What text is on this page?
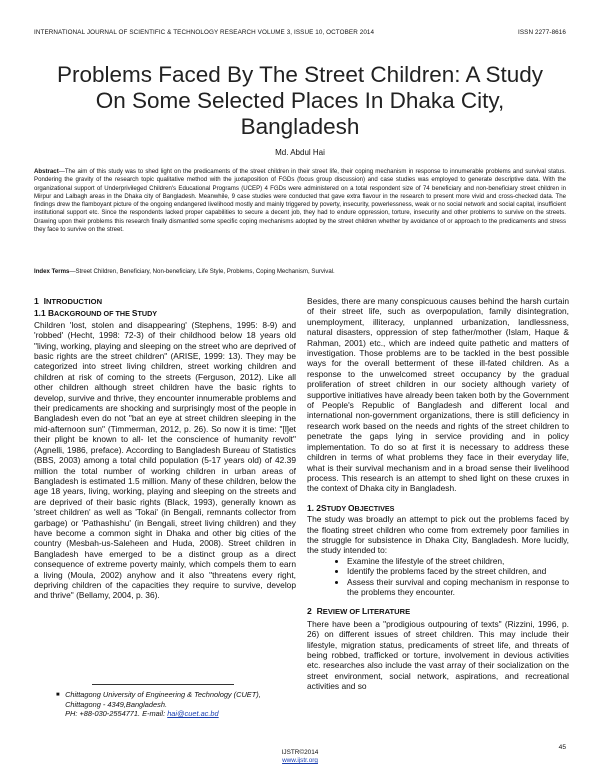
INTERNATIONAL JOURNAL OF SCIENTIFIC & TECHNOLOGY RESEARCH VOLUME 3, ISSUE 10, OCTOBER 2014	ISSN 2277-8616
Problems Faced By The Street Children: A Study On Some Selected Places In Dhaka City, Bangladesh
Md. Abdul Hai

Abstract—The aim of this study was to shed light on the predicaments of the street children in their street life, their coping mechanism in response to innumerable problems and survival status. Pondering the gravity of the research topic qualitative method with the juxtaposition of FGDs (focus group discussion) and case studies was employed to generate descriptive data. With the organizational support of Underprivileged Children's Educational Programs (UCEP) 4 FGDs were administered on a total respondent size of 74 beneficiary and non-beneficiary street children in Mirpur and Lalbagh areas in the Dhaka city of Bangladesh. Meanwhile, 9 case studies were conducted that gave extra flavour in the research to present more vivid and cross-checked data. The findings drew the flamboyant picture of the ongoing endangered livelihood mostly and mainly triggered by poverty, insecurity, powerlessness, weak or no social network and social capital, insufficient institutional support etc. Since the respondents lacked proper capabilities to secure a decent job, they had to endure oppression, torture, insecurity and other problems to survive on the streets. Drawing upon their problems this research finally dismantled some specific coping mechanisms adopted by the street children whether by avoidance of or approach to the predicaments and stress they face to survive on the street.

Index Terms—Street Children, Beneficiary, Non-beneficiary, Life Style, Problems, Coping Mechanism, Survival.

1 INTRODUCTION
1.1 BACKGROUND OF THE STUDY

Children 'lost, stolen and disappearing' (Stephens, 1995: 8-9) and 'robbed' (Hecht, 1998: 72-3) of their childhood below 18 years old "living, working, playing and sleeping on the street who are deprived of basic rights are the street children" (ARISE, 1999: 13). They may be categorized into street living children, street working children and children at risk of coming to the streets (Ferguson, 2012). Like all other children although street children have the basic rights to develop, survive and thrive, they encounter innumerable problems and their predicaments are shocking and surprisingly most of the people in Bangladesh even do not "bat an eye at street children sleeping in the mid-afternoon sun" (Timmerman, 2012, p. 26). So now it is time: "[l]et their plight be known to all- let the conscience of humanity revolt" (Agnelli, 1986, preface). According to Bangladesh Bureau of Statistics (BBS, 2003) among a total child population (5-17 years old) of 42.39 million the total number of working children in urban areas of Bangladesh is estimated 1.5 million. Many of these children, below the age 18 years, living, working, playing and sleeping on the streets and are deprived of their basic rights (Black, 1993), generally known as 'street children' as well as 'Tokai' (in Bengali, remnants collector from garbage) or 'Pathashishu' (in Bengali, street living children) and they have become a common sight in Dhaka and other big cities of the country (Mesbah-us-Saleheen and Huda, 2008). Street children in Bangladesh have emerged to be a distinct group as a direct consequence of extreme poverty mainly, which compels them to earn a living (Moula, 2002) anyhow and it also "threatens every right, depriving children of the capacities they require to survive, develop and thrive" (Bellamy, 2004, p. 36).

Besides, there are many conspicuous causes behind the harsh curtain of their street life, such as overpopulation, family disintegration, unemployment, illiteracy, unplanned urbanization, landlessness, natural disasters, oppression of step father/mother (Islam, Haque & Rahman, 2001) etc., which are indeed quite pathetic and matters of investigation. Those problems are to be tackled in the best possible ways for the overall betterment of these ill-fated children. As a response to the unwelcomed street occupancy by the gradual proliferation of street children in our society although variety of supportive initiatives have already been taken both by the Government of People's Republic of Bangladesh and different local and international non-government organizations, there is still deficiency in research work based on the needs and rights of the street children to penetrate the gaps lying in service providing and in policy implementation. To do so at first it is necessary to address these children in terms of what problems they face in their everyday life, what is their survival mechanism and in a broad sense their livelihood process. This research is an attempt to shed light on these cruxes in the context of Dhaka city in Bangladesh.

1. 2STUDY OBJECTIVES

The study was broadly an attempt to pick out the problems faced by the floating street children who come from extremely poor families in the struggle for subsistence in Dhaka City, Bangladesh. More lucidly, the study intended to:

• Examine the lifestyle of the street children,
• Identify the problems faced by the street children, and
• Assess their survival and coping mechanism in response to the problems they encounter.
2 REVIEW OF LITERATURE

There have been a "prodigious outpouring of texts" (Rizzini, 1996, p. 26) on different issues of street children. This may include their lifestyle, migration status, predicaments of street life, and threats of being robbed, trafficked or torture, involvement in devious activities etc. researches also include the vast array of their socialization on the street environment, social network, aspirations, and recreational activities and so

■ Chittagong University of Engineering & Technology (CUET), Chittagong - 4349,Bangladesh.
PH: +88-030-2554771. E-mail: hai@cuet.ac.bd
45
IJSTR©2014
www.ijstr.org
